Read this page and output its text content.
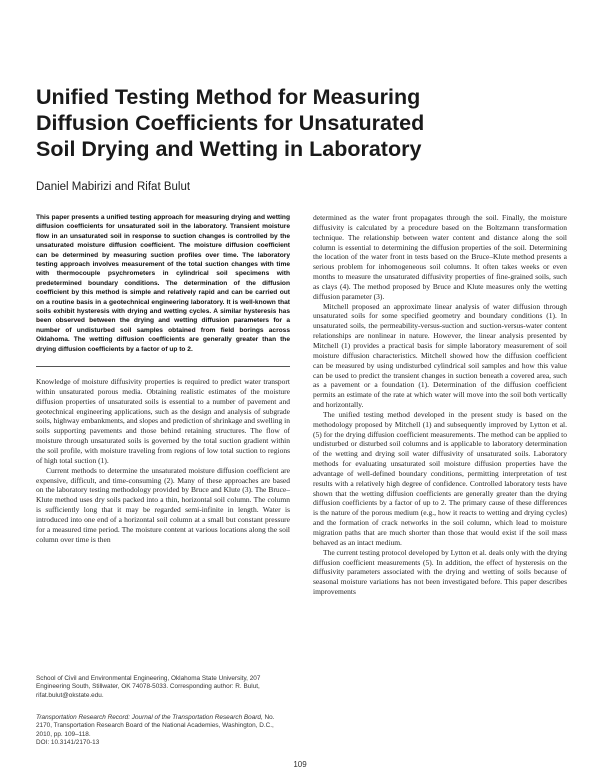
Unified Testing Method for Measuring
Diffusion Coefficients for Unsaturated
Soil Drying and Wetting in Laboratory
Daniel Mabirizi and Rifat Bulut
This paper presents a unified testing approach for measuring drying and wetting diffusion coefficients for unsaturated soil in the laboratory. Transient moisture flow in an unsaturated soil in response to suction changes is controlled by the unsaturated moisture diffusion coefficient. The moisture diffusion coefficient can be determined by measuring suction profiles over time. The laboratory testing approach involves measurement of the total suction changes with time with thermocouple psychrometers in cylindrical soil specimens with predetermined boundary conditions. The determination of the diffusion coefficient by this method is simple and relatively rapid and can be carried out on a routine basis in a geotechnical engineering laboratory. It is well-known that soils exhibit hysteresis with drying and wetting cycles. A similar hysteresis has been observed between the drying and wetting diffusion parameters for a number of undisturbed soil samples obtained from field borings across Oklahoma. The wetting diffusion coefficients are generally greater than the drying diffusion coefficients by a factor of up to 2.

Knowledge of moisture diffusivity properties is required to predict water transport within unsaturated porous media. Obtaining realistic estimates of the moisture diffusion properties of unsaturated soils is essential to a number of pavement and geotechnical engineering applications, such as the design and analysis of subgrade soils, highway embankments, and slopes and prediction of shrinkage and swelling in soils supporting pavements and those behind retaining structures. The flow of moisture through unsaturated soils is governed by the total suction gradient within the soil profile, with moisture traveling from regions of low total suction to regions of high total suction (1).

Current methods to determine the unsaturated moisture diffusion coefficient are expensive, difficult, and time-consuming (2). Many of these approaches are based on the laboratory testing methodology provided by Bruce and Klute (3). The Bruce–Klute method uses dry soils packed into a thin, horizontal soil column. The column is sufficiently long that it may be regarded semi-infinite in length. Water is introduced into one end of a horizontal soil column at a small but constant pressure for a measured time period. The moisture content at various locations along the soil column over time is then

School of Civil and Environmental Engineering, Oklahoma State University, 207 Engineering South, Stillwater, OK 74078-5033. Corresponding author: R. Bulut, rifat.bulut@okstate.edu.
Transportation Research Record: Journal of the Transportation Research Board, No. 2170, Transportation Research Board of the National Academies, Washington, D.C., 2010, pp. 109–118.
DOI: 10.3141/2170-13

determined as the water front propagates through the soil. Finally, the moisture diffusivity is calculated by a procedure based on the Boltzmann transformation technique. The relationship between water content and distance along the soil column is essential to determining the diffusion properties of the soil. Determining the location of the water front in tests based on the Bruce–Klute method presents a serious problem for inhomogeneous soil columns. It often takes weeks or even months to measure the unsaturated diffusivity properties of fine-grained soils, such as clays (4). The method proposed by Bruce and Klute measures only the wetting diffusion parameter (3).

Mitchell proposed an approximate linear analysis of water diffusion through unsaturated soils for some specified geometry and boundary conditions (1). In unsaturated soils, the permeability-versus-suction and suction-versus-water content relationships are nonlinear in nature. However, the linear analysis presented by Mitchell (1) provides a practical basis for simple laboratory measurement of soil moisture diffusion characteristics. Mitchell showed how the diffusion coefficient can be measured by using undisturbed cylindrical soil samples and how this value can be used to predict the transient changes in suction beneath a covered area, such as a pavement or a foundation (1). Determination of the diffusion coefficient permits an estimate of the rate at which water will move into the soil both vertically and horizontally.

The unified testing method developed in the present study is based on the methodology proposed by Mitchell (1) and subsequently improved by Lytton et al. (5) for the drying diffusion coefficient measurements. The method can be applied to undisturbed or disturbed soil columns and is applicable to laboratory determination of the wetting and drying soil water diffusivity of unsaturated soils. Laboratory methods for evaluating unsaturated soil moisture diffusion properties have the advantage of well-defined boundary conditions, permitting interpretation of test results with a relatively high degree of confidence. Controlled laboratory tests have shown that the wetting diffusion coefficients are generally greater than the drying diffusion coefficients by a factor of up to 2. The primary cause of these differences is the nature of the porous medium (e.g., how it reacts to wetting and drying cycles) and the formation of crack networks in the soil column, which lead to moisture migration paths that are much shorter than those that would exist if the soil mass behaved as an intact medium.

The current testing protocol developed by Lytton et al. deals only with the drying diffusion coefficient measurements (5). In addition, the effect of hysteresis on the diffusivity parameters associated with the drying and wetting of soils because of seasonal moisture variations has not been investigated before. This paper describes improvements

109
